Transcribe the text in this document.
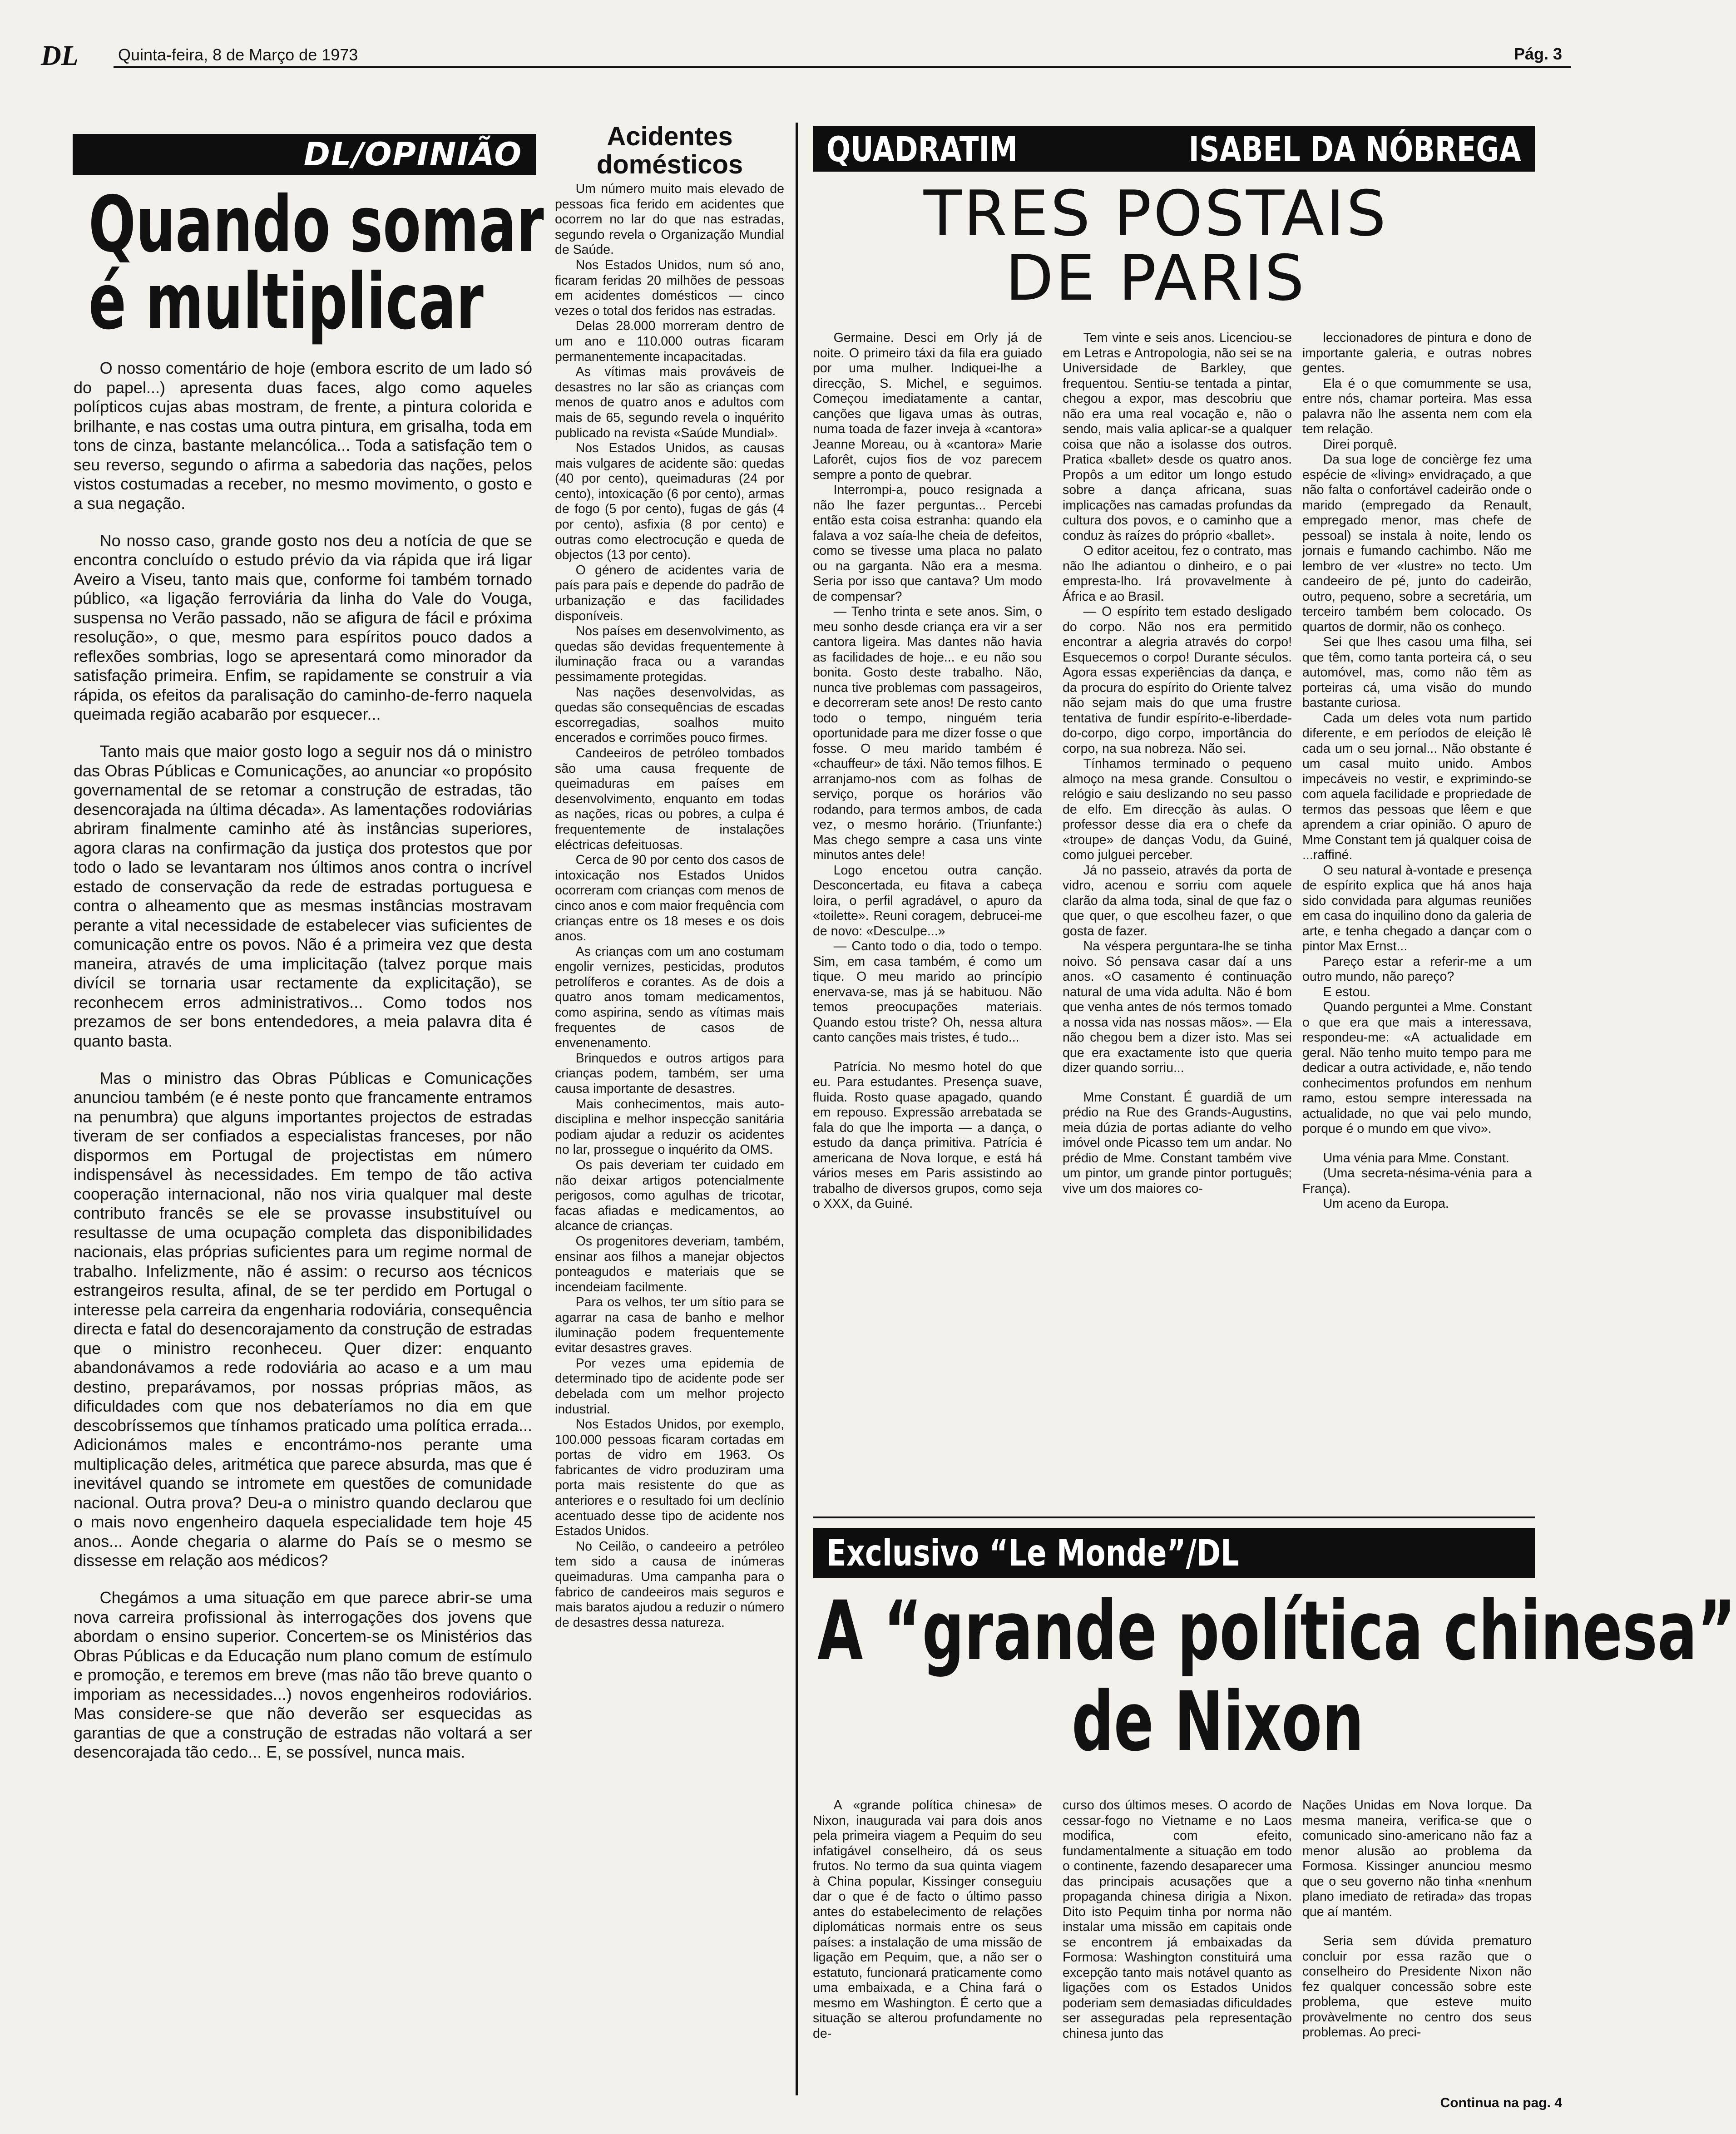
DL Quinta-feira, 8 de Março de 1973	Pág. 3
DL/OPINIÃO
Quando somar
é multiplicar

O nosso comentário de hoje (embora escrito de um lado só do papel...) apresenta duas faces, algo como aqueles polípticos cujas abas mostram, de frente, a pintura colorida e brilhante, e nas costas uma outra pintura, em grisalha, toda em tons de cinza, bastante melancólica... Toda a satisfação tem o seu reverso, segundo o afirma a sabedoria das nações, pelos vistos costumadas a receber, no mesmo movimento, o gosto e a sua negação.

No nosso caso, grande gosto nos deu a notícia de que se encontra concluído o estudo prévio da via rápida que irá ligar Aveiro a Viseu, tanto mais que, conforme foi também tornado público, «a ligação ferroviária da linha do Vale do Vouga, suspensa no Verão passado, não se afigura de fácil e próxima resolução», o que, mesmo para espíritos pouco dados a reflexões sombrias, logo se apresentará como minorador da satisfação primeira. Enfim, se rapidamente se construir a via rápida, os efeitos da paralisação do caminho-de-ferro naquela queimada região acabarão por esquecer...

Tanto mais que maior gosto logo a seguir nos dá o ministro das Obras Públicas e Comunicações, ao anunciar «o propósito governamental de se retomar a construção de estradas, tão desencorajada na última década». As lamentações rodoviárias abriram finalmente caminho até às instâncias superiores, agora claras na confirmação da justiça dos protestos que por todo o lado se levantaram nos últimos anos contra o incrível estado de conservação da rede de estradas portuguesa e contra o alheamento que as mesmas instâncias mostravam perante a vital necessidade de estabelecer vias suficientes de comunicação entre os povos. Não é a primeira vez que desta maneira, através de uma implicitação (talvez porque mais divícil se tornaria usar rectamente da explicitação), se reconhecem erros administrativos... Como todos nos prezamos de ser bons entendedores, a meia palavra dita é quanto basta.

Mas o ministro das Obras Públicas e Comunicações anunciou também (e é neste ponto que francamente entramos na penumbra) que alguns importantes projectos de estradas tiveram de ser confiados a especialistas franceses, por não dispormos em Portugal de projectistas em número indispensável às necessidades. Em tempo de tão activa cooperação internacional, não nos viria qualquer mal deste contributo francês se ele se provasse insubstituível ou resultasse de uma ocupação completa das disponibilidades nacionais, elas próprias suficientes para um regime normal de trabalho. Infelizmente, não é assim: o recurso aos técnicos estrangeiros resulta, afinal, de se ter perdido em Portugal o interesse pela carreira da engenharia rodoviária, consequência directa e fatal do desencorajamento da construção de estradas que o ministro reconheceu. Quer dizer: enquanto abandonávamos a rede rodoviária ao acaso e a um mau destino, preparávamos, por nossas próprias mãos, as dificuldades com que nos debateríamos no dia em que descobríssemos que tínhamos praticado uma política errada... Adicionámos males e encontrámo-nos perante uma multiplicação deles, aritmética que parece absurda, mas que é inevitável quando se intromete em questões de comunidade nacional. Outra prova? Deu-a o ministro quando declarou que o mais novo engenheiro daquela especialidade tem hoje 45 anos... Aonde chegaria o alarme do País se o mesmo se dissesse em relação aos médicos?

Chegámos a uma situação em que parece abrir-se uma nova carreira profissional às interrogações dos jovens que abordam o ensino superior. Concertem-se os Ministérios das Obras Públicas e da Educação num plano comum de estímulo e promoção, e teremos em breve (mas não tão breve quanto o imporiam as necessidades...) novos engenheiros rodoviários. Mas considere-se que não deverão ser esquecidas as garantias de que a construção de estradas não voltará a ser desencorajada tão cedo... E, se possível, nunca mais.

Acidentes
domésticos

Um número muito mais elevado de pessoas fica ferido em acidentes que ocorrem no lar do que nas estradas, segundo revela o Organização Mundial de Saúde.

Nos Estados Unidos, num só ano, ficaram feridas 20 milhões de pessoas em acidentes domésticos — cinco vezes o total dos feridos nas estradas.

Delas 28.000 morreram dentro de um ano e 110.000 outras ficaram permanentemente incapacitadas.

As vítimas mais prováveis de desastres no lar são as crianças com menos de quatro anos e adultos com mais de 65, segundo revela o inquérito publicado na revista «Saúde Mundial».

Nos Estados Unidos, as causas mais vulgares de acidente são: quedas (40 por cento), queimaduras (24 por cento), intoxicação (6 por cento), armas de fogo (5 por cento), fugas de gás (4 por cento), asfixia (8 por cento) e outras como electrocução e queda de objectos (13 por cento).

O género de acidentes varia de país para país e depende do padrão de urbanização e das facilidades disponíveis.

Nos países em desenvolvimento, as quedas são devidas frequentemente à iluminação fraca ou a varandas pessimamente protegidas.

Nas nações desenvolvidas, as quedas são consequências de escadas escorregadias, soalhos muito encerados e corrimões pouco firmes.

Candeeiros de petróleo tombados são uma causa frequente de queimaduras em países em desenvolvimento, enquanto em todas as nações, ricas ou pobres, a culpa é frequentemente de instalações eléctricas defeituosas.

Cerca de 90 por cento dos casos de intoxicação nos Estados Unidos ocorreram com crianças com menos de cinco anos e com maior frequência com crianças entre os 18 meses e os dois anos.

As crianças com um ano costumam engolir vernizes, pesticidas, produtos petrolíferos e corantes. As de dois a quatro anos tomam medicamentos, como aspirina, sendo as vítimas mais frequentes de casos de envenenamento.

Brinquedos e outros artigos para crianças podem, também, ser uma causa importante de desastres.

Mais conhecimentos, mais auto-disciplina e melhor inspecção sanitária podiam ajudar a reduzir os acidentes no lar, prossegue o inquérito da OMS.

Os pais deveriam ter cuidado em não deixar artigos potencialmente perigosos, como agulhas de tricotar, facas afiadas e medicamentos, ao alcance de crianças.

Os progenitores deveriam, também, ensinar aos filhos a manejar objectos ponteagudos e materiais que se incendeiam facilmente.

Para os velhos, ter um sítio para se agarrar na casa de banho e melhor iluminação podem frequentemente evitar desastres graves.

Por vezes uma epidemia de determinado tipo de acidente pode ser debelada com um melhor projecto industrial.

Nos Estados Unidos, por exemplo, 100.000 pessoas ficaram cortadas em portas de vidro em 1963. Os fabricantes de vidro produziram uma porta mais resistente do que as anteriores e o resultado foi um declínio acentuado desse tipo de acidente nos Estados Unidos.

No Ceilão, o candeeiro a petróleo tem sido a causa de inúmeras queimaduras. Uma campanha para o fabrico de candeeiros mais seguros e mais baratos ajudou a reduzir o número de desastres dessa natureza.

QUADRATIM	ISABEL DA NÓBREGA
TRES POSTAIS
DE PARIS

Germaine. Desci em Orly já de noite. O primeiro táxi da fila era guiado por uma mulher. Indiquei-lhe a direcção, S. Michel, e seguimos. Começou imediatamente a cantar, canções que ligava umas às outras, numa toada de fazer inveja à «cantora» Jeanne Moreau, ou à «cantora» Marie Laforêt, cujos fios de voz parecem sempre a ponto de quebrar.

Interrompi-a, pouco resignada a não lhe fazer perguntas... Percebi então esta coisa estranha: quando ela falava a voz saía-lhe cheia de defeitos, como se tivesse uma placa no palato ou na garganta. Não era a mesma. Seria por isso que cantava? Um modo de compensar?

— Tenho trinta e sete anos. Sim, o meu sonho desde criança era vir a ser cantora ligeira. Mas dantes não havia as facilidades de hoje... e eu não sou bonita. Gosto deste trabalho. Não, nunca tive problemas com passageiros, e decorreram sete anos! De resto canto todo o tempo, ninguém teria oportunidade para me dizer fosse o que fosse. O meu marido também é «chauffeur» de táxi. Não temos filhos. E arranjamo-nos com as folhas de serviço, porque os horários vão rodando, para termos ambos, de cada vez, o mesmo horário. (Triunfante:) Mas chego sempre a casa uns vinte minutos antes dele!

Logo encetou outra canção. Desconcertada, eu fitava a cabeça loira, o perfil agradável, o apuro da «toilette». Reuni coragem, debrucei-me de novo: «Desculpe...»

— Canto todo o dia, todo o tempo. Sim, em casa também, é como um tique. O meu marido ao princípio enervava-se, mas já se habituou. Não temos preocupações materiais. Quando estou triste? Oh, nessa altura canto canções mais tristes, é tudo...

Patrícia. No mesmo hotel do que eu. Para estudantes. Presença suave, fluida. Rosto quase apagado, quando em repouso. Expressão arrebatada se fala do que lhe importa — a dança, o estudo da dança primitiva. Patrícia é americana de Nova Iorque, e está há vários meses em Paris assistindo ao trabalho de diversos grupos, como seja o XXX, da Guiné.

Tem vinte e seis anos. Licenciou-se em Letras e Antropologia, não sei se na Universidade de Barkley, que frequentou. Sentiu-se tentada a pintar, chegou a expor, mas descobriu que não era uma real vocação e, não o sendo, mais valia aplicar-se a qualquer coisa que não a isolasse dos outros. Pratica «ballet» desde os quatro anos. Propôs a um editor um longo estudo sobre a dança africana, suas implicações nas camadas profundas da cultura dos povos, e o caminho que a conduz às raízes do próprio «ballet».

O editor aceitou, fez o contrato, mas não lhe adiantou o dinheiro, e o pai empresta-lho. Irá provavelmente à África e ao Brasil.

— O espírito tem estado desligado do corpo. Não nos era permitido encontrar a alegria através do corpo! Esquecemos o corpo! Durante séculos. Agora essas experiências da dança, e da procura do espírito do Oriente talvez não sejam mais do que uma frustre tentativa de fundir espírito-e-liberdade-do-corpo, digo corpo, importância do corpo, na sua nobreza. Não sei.

Tínhamos terminado o pequeno almoço na mesa grande. Consultou o relógio e saiu deslizando no seu passo de elfo. Em direcção às aulas. O professor desse dia era o chefe da «troupe» de danças Vodu, da Guiné, como julguei perceber.

Já no passeio, através da porta de vidro, acenou e sorriu com aquele clarão da alma toda, sinal de que faz o que quer, o que escolheu fazer, o que gosta de fazer.

Na véspera perguntara-lhe se tinha noivo. Só pensava casar daí a uns anos. «O casamento é continuação natural de uma vida adulta. Não é bom que venha antes de nós termos tomado a nossa vida nas nossas mãos». — Ela não chegou bem a dizer isto. Mas sei que era exactamente isto que queria dizer quando sorriu...

Mme Constant. É guardiã de um prédio na Rue des Grands-Augustins, meia dúzia de portas adiante do velho imóvel onde Picasso tem um andar. No prédio de Mme. Constant também vive um pintor, um grande pintor português; vive um dos maiores co-

leccionadores de pintura e dono de importante galeria, e outras nobres gentes.

Ela é o que comummente se usa, entre nós, chamar porteira. Mas essa palavra não lhe assenta nem com ela tem relação.

Direi porquê.

Da sua loge de concièrge fez uma espécie de «living» envidraçado, a que não falta o confortável cadeirão onde o marido (empregado da Renault, empregado menor, mas chefe de pessoal) se instala à noite, lendo os jornais e fumando cachimbo. Não me lembro de ver «lustre» no tecto. Um candeeiro de pé, junto do cadeirão, outro, pequeno, sobre a secretária, um terceiro também bem colocado. Os quartos de dormir, não os conheço.

Sei que lhes casou uma filha, sei que têm, como tanta porteira cá, o seu automóvel, mas, como não têm as porteiras cá, uma visão do mundo bastante curiosa.

Cada um deles vota num partido diferente, e em períodos de eleição lê cada um o seu jornal... Não obstante é um casal muito unido. Ambos impecáveis no vestir, e exprimindo-se com aquela facilidade e propriedade de termos das pessoas que lêem e que aprendem a criar opinião. O apuro de Mme Constant tem já qualquer coisa de ...raffiné.

O seu natural à-vontade e presença de espírito explica que há anos haja sido convidada para algumas reuniões em casa do inquilino dono da galeria de arte, e tenha chegado a dançar com o pintor Max Ernst...

Pareço estar a referir-me a um outro mundo, não pareço?

E estou.

Quando perguntei a Mme. Constant o que era que mais a interessava, respondeu-me: «A actualidade em geral. Não tenho muito tempo para me dedicar a outra actividade, e, não tendo conhecimentos profundos em nenhum ramo, estou sempre interessada na actualidade, no que vai pelo mundo, porque é o mundo em que vivo».

Uma vénia para Mme. Constant.

(Uma secreta-nésima-vénia para a França).

Um aceno da Europa.

Exclusivo “Le Monde”/DL
A “grande política chinesa”
de Nixon

A «grande política chinesa» de Nixon, inaugurada vai para dois anos pela primeira viagem a Pequim do seu infatigável conselheiro, dá os seus frutos. No termo da sua quinta viagem à China popular, Kissinger conseguiu dar o que é de facto o último passo antes do estabelecimento de relações diplomáticas normais entre os seus países: a instalação de uma missão de ligação em Pequim, que, a não ser o estatuto, funcionará praticamente como uma embaixada, e a China fará o mesmo em Washington. É certo que a situação se alterou profundamente no de-

curso dos últimos meses. O acordo de cessar-fogo no Vietname e no Laos modifica, com efeito, fundamentalmente a situação em todo o continente, fazendo desaparecer uma das principais acusações que a propaganda chinesa dirigia a Nixon. Dito isto Pequim tinha por norma não instalar uma missão em capitais onde se encontrem já embaixadas da Formosa: Washington constituirá uma excepção tanto mais notável quanto as ligações com os Estados Unidos poderiam sem demasiadas dificuldades ser asseguradas pela representação chinesa junto das

Nações Unidas em Nova Iorque. Da mesma maneira, verifica-se que o comunicado sino-americano não faz a menor alusão ao problema da Formosa. Kissinger anunciou mesmo que o seu governo não tinha «nenhum plano imediato de retirada» das tropas que aí mantém.

Seria sem dúvida prematuro concluir por essa razão que o conselheiro do Presidente Nixon não fez qualquer concessão sobre este problema, que esteve muito provàvelmente no centro dos seus problemas. Ao preci-

Continua na pag. 4
